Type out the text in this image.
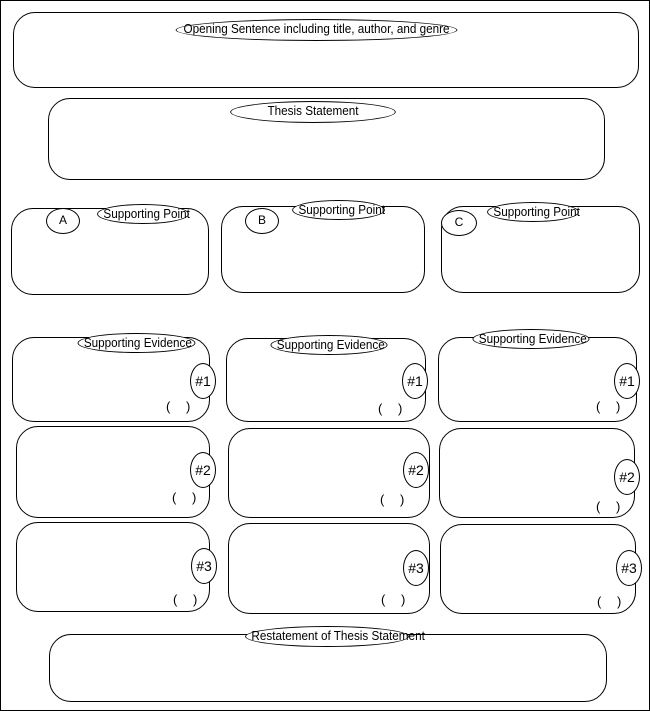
Opening Sentence including title, author, and genre
Thesis Statement
Supporting Point
A
Supporting Point
B
Supporting Point
C
Supporting Evidence
#1
( )
#2
( )
#3
( )
Supporting Evidence
#1
( )
#2
( )
#3
( )
Supporting Evidence
#1
( )
#2
( )
#3
( )
Restatement of Thesis Statement
